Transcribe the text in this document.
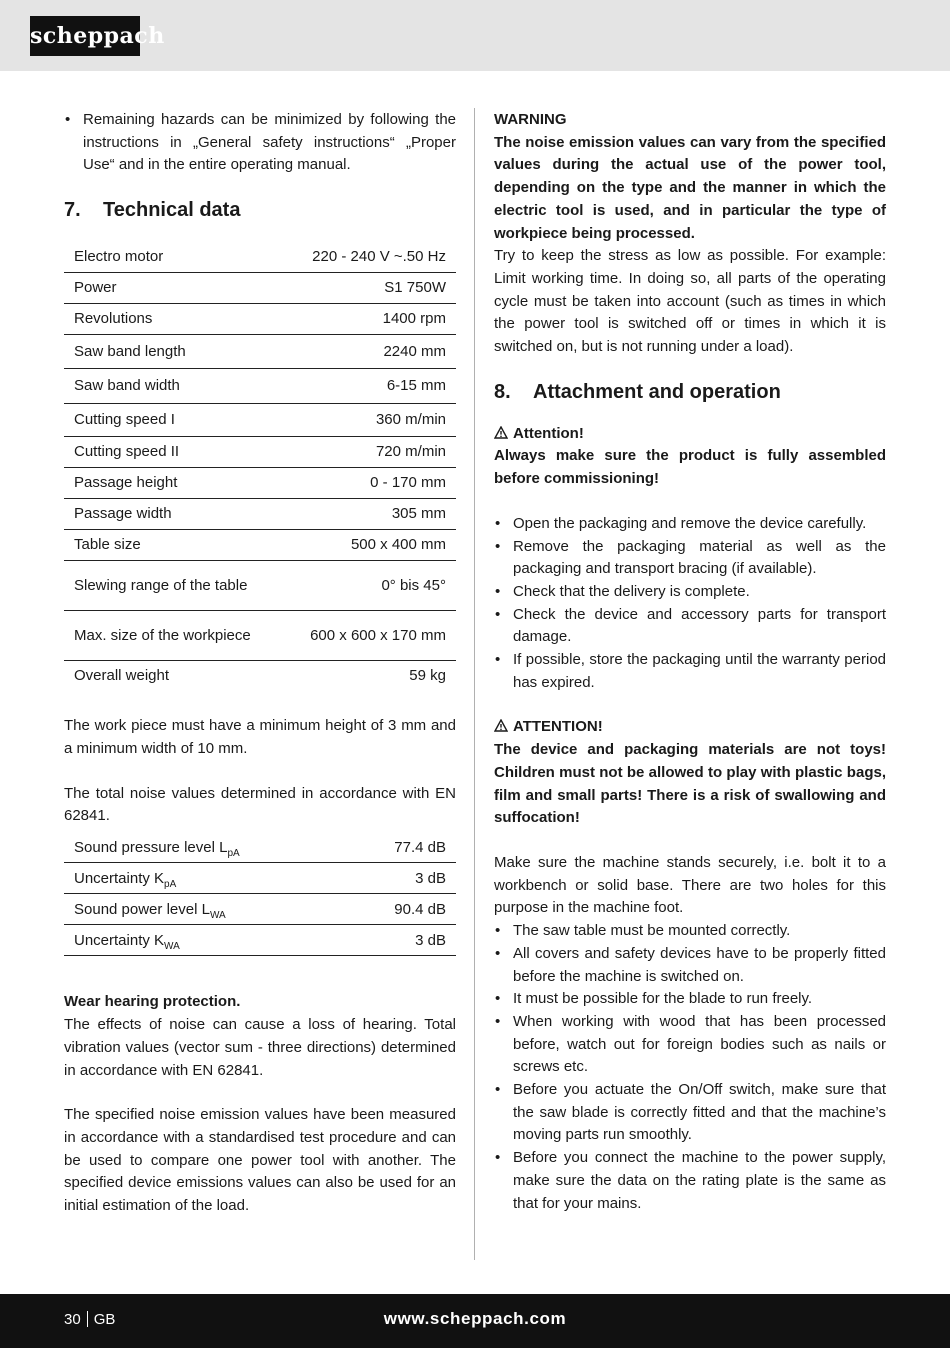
scheppach
• Remaining hazards can be minimized by following the instructions in „General safety instructions“ „Proper Use“ and in the entire operating manual.
7. Technical data
Electro motor	220 - 240 V ~.50 Hz
Power	S1 750W
Revolutions	1400 rpm
Saw band length	2240 mm
Saw band width	6-15 mm
Cutting speed I	360 m/min
Cutting speed II	720 m/min
Passage height	0 - 170 mm
Passage width	305 mm
Table size	500 x 400 mm
Slewing range of the table	0° bis 45°
Max. size of the workpiece	600 x 600 x 170 mm
Overall weight	59 kg

The work piece must have a minimum height of 3 mm and a minimum width of 10 mm.

The total noise values determined in accordance with EN 62841.

Sound pressure level $L_{pA}$	77.4 dB
Uncertainty $K_{pA}$	3 dB
Sound power level $L_{WA}$	90.4 dB
Uncertainty $K_{WA}$	3 dB

Wear hearing protection.

The effects of noise can cause a loss of hearing. Total vibration values (vector sum - three directions) determined in accordance with EN 62841.

The specified noise emission values have been measured in accordance with a standardised test procedure and can be used to compare one power tool with another. The specified device emissions values can also be used for an initial estimation of the load.

WARNING

The noise emission values can vary from the specified values during the actual use of the power tool, depending on the type and the manner in which the electric tool is used, and in particular the type of workpiece being processed.

Try to keep the stress as low as possible. For example: Limit working time. In doing so, all parts of the operating cycle must be taken into account (such as times in which the power tool is switched off or times in which it is switched on, but is not running under a load).

8. Attachment and operation

Attention!

Always make sure the product is fully assembled before commissioning!

• Open the packaging and remove the device carefully.
• Remove the packaging material as well as the packaging and transport bracing (if available).
• Check that the delivery is complete.
• Check the device and accessory parts for transport damage.
• If possible, store the packaging until the warranty period has expired.

ATTENTION!

The device and packaging materials are not toys! Children must not be allowed to play with plastic bags, film and small parts! There is a risk of swallowing and suffocation!

Make sure the machine stands securely, i.e. bolt it to a workbench or solid base. There are two holes for this purpose in the machine foot.

• The saw table must be mounted correctly.
• All covers and safety devices have to be properly fitted before the machine is switched on.
• It must be possible for the blade to run freely.
• When working with wood that has been processed before, watch out for foreign bodies such as nails or screws etc.
• Before you actuate the On/Off switch, make sure that the saw blade is correctly fitted and that the machine’s moving parts run smoothly.
• Before you connect the machine to the power supply, make sure the data on the rating plate is the same as that for your mains.
30 GB	www.scheppach.com
